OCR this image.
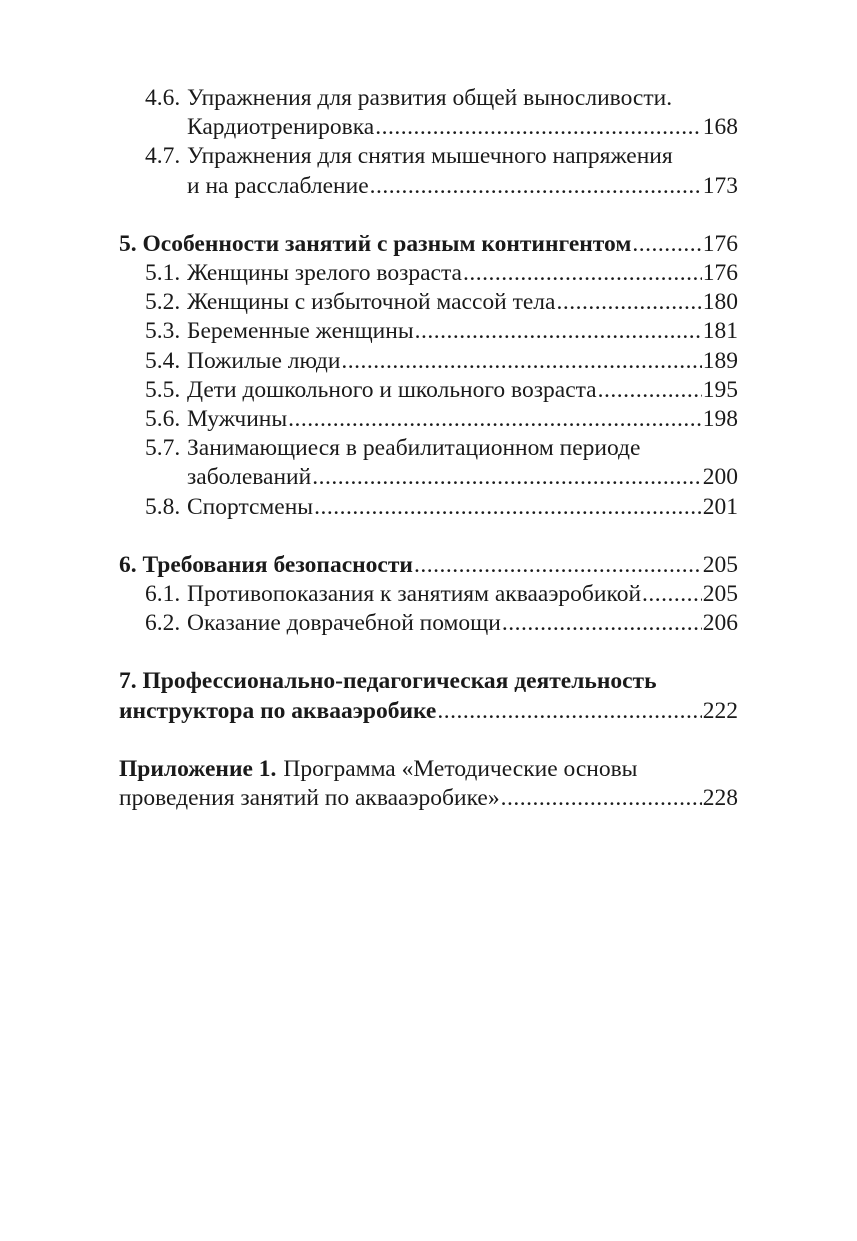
4.6. Упражнения для развития общей выносливости.
Кардиотренировка .....	168
4.7. Упражнения для снятия мышечного напряжения
и на расслабление .....	173
5. Особенности занятий с разным контингентом .....	176
5.1. Женщины зрелого возраста .....	176
5.2. Женщины с избыточной массой тела .....	180
5.3. Беременные женщины .....	181
5.4. Пожилые люди .....	189
5.5. Дети дошкольного и школьного возраста .....	195
5.6. Мужчины .....	198
5.7. Занимающиеся в реабилитационном периоде
заболеваний .....	200
5.8. Спортсмены .....	201
6. Требования безопасности .....	205
6.1. Противопоказания к занятиям аквааэробикой .....	205
6.2. Оказание доврачебной помощи .....	206
7. Профессионально-педагогическая деятельность
инструктора по аквааэробике .....	222
Приложение 1. Программа «Методические основы
проведения занятий по аквааэробике» .....	228
